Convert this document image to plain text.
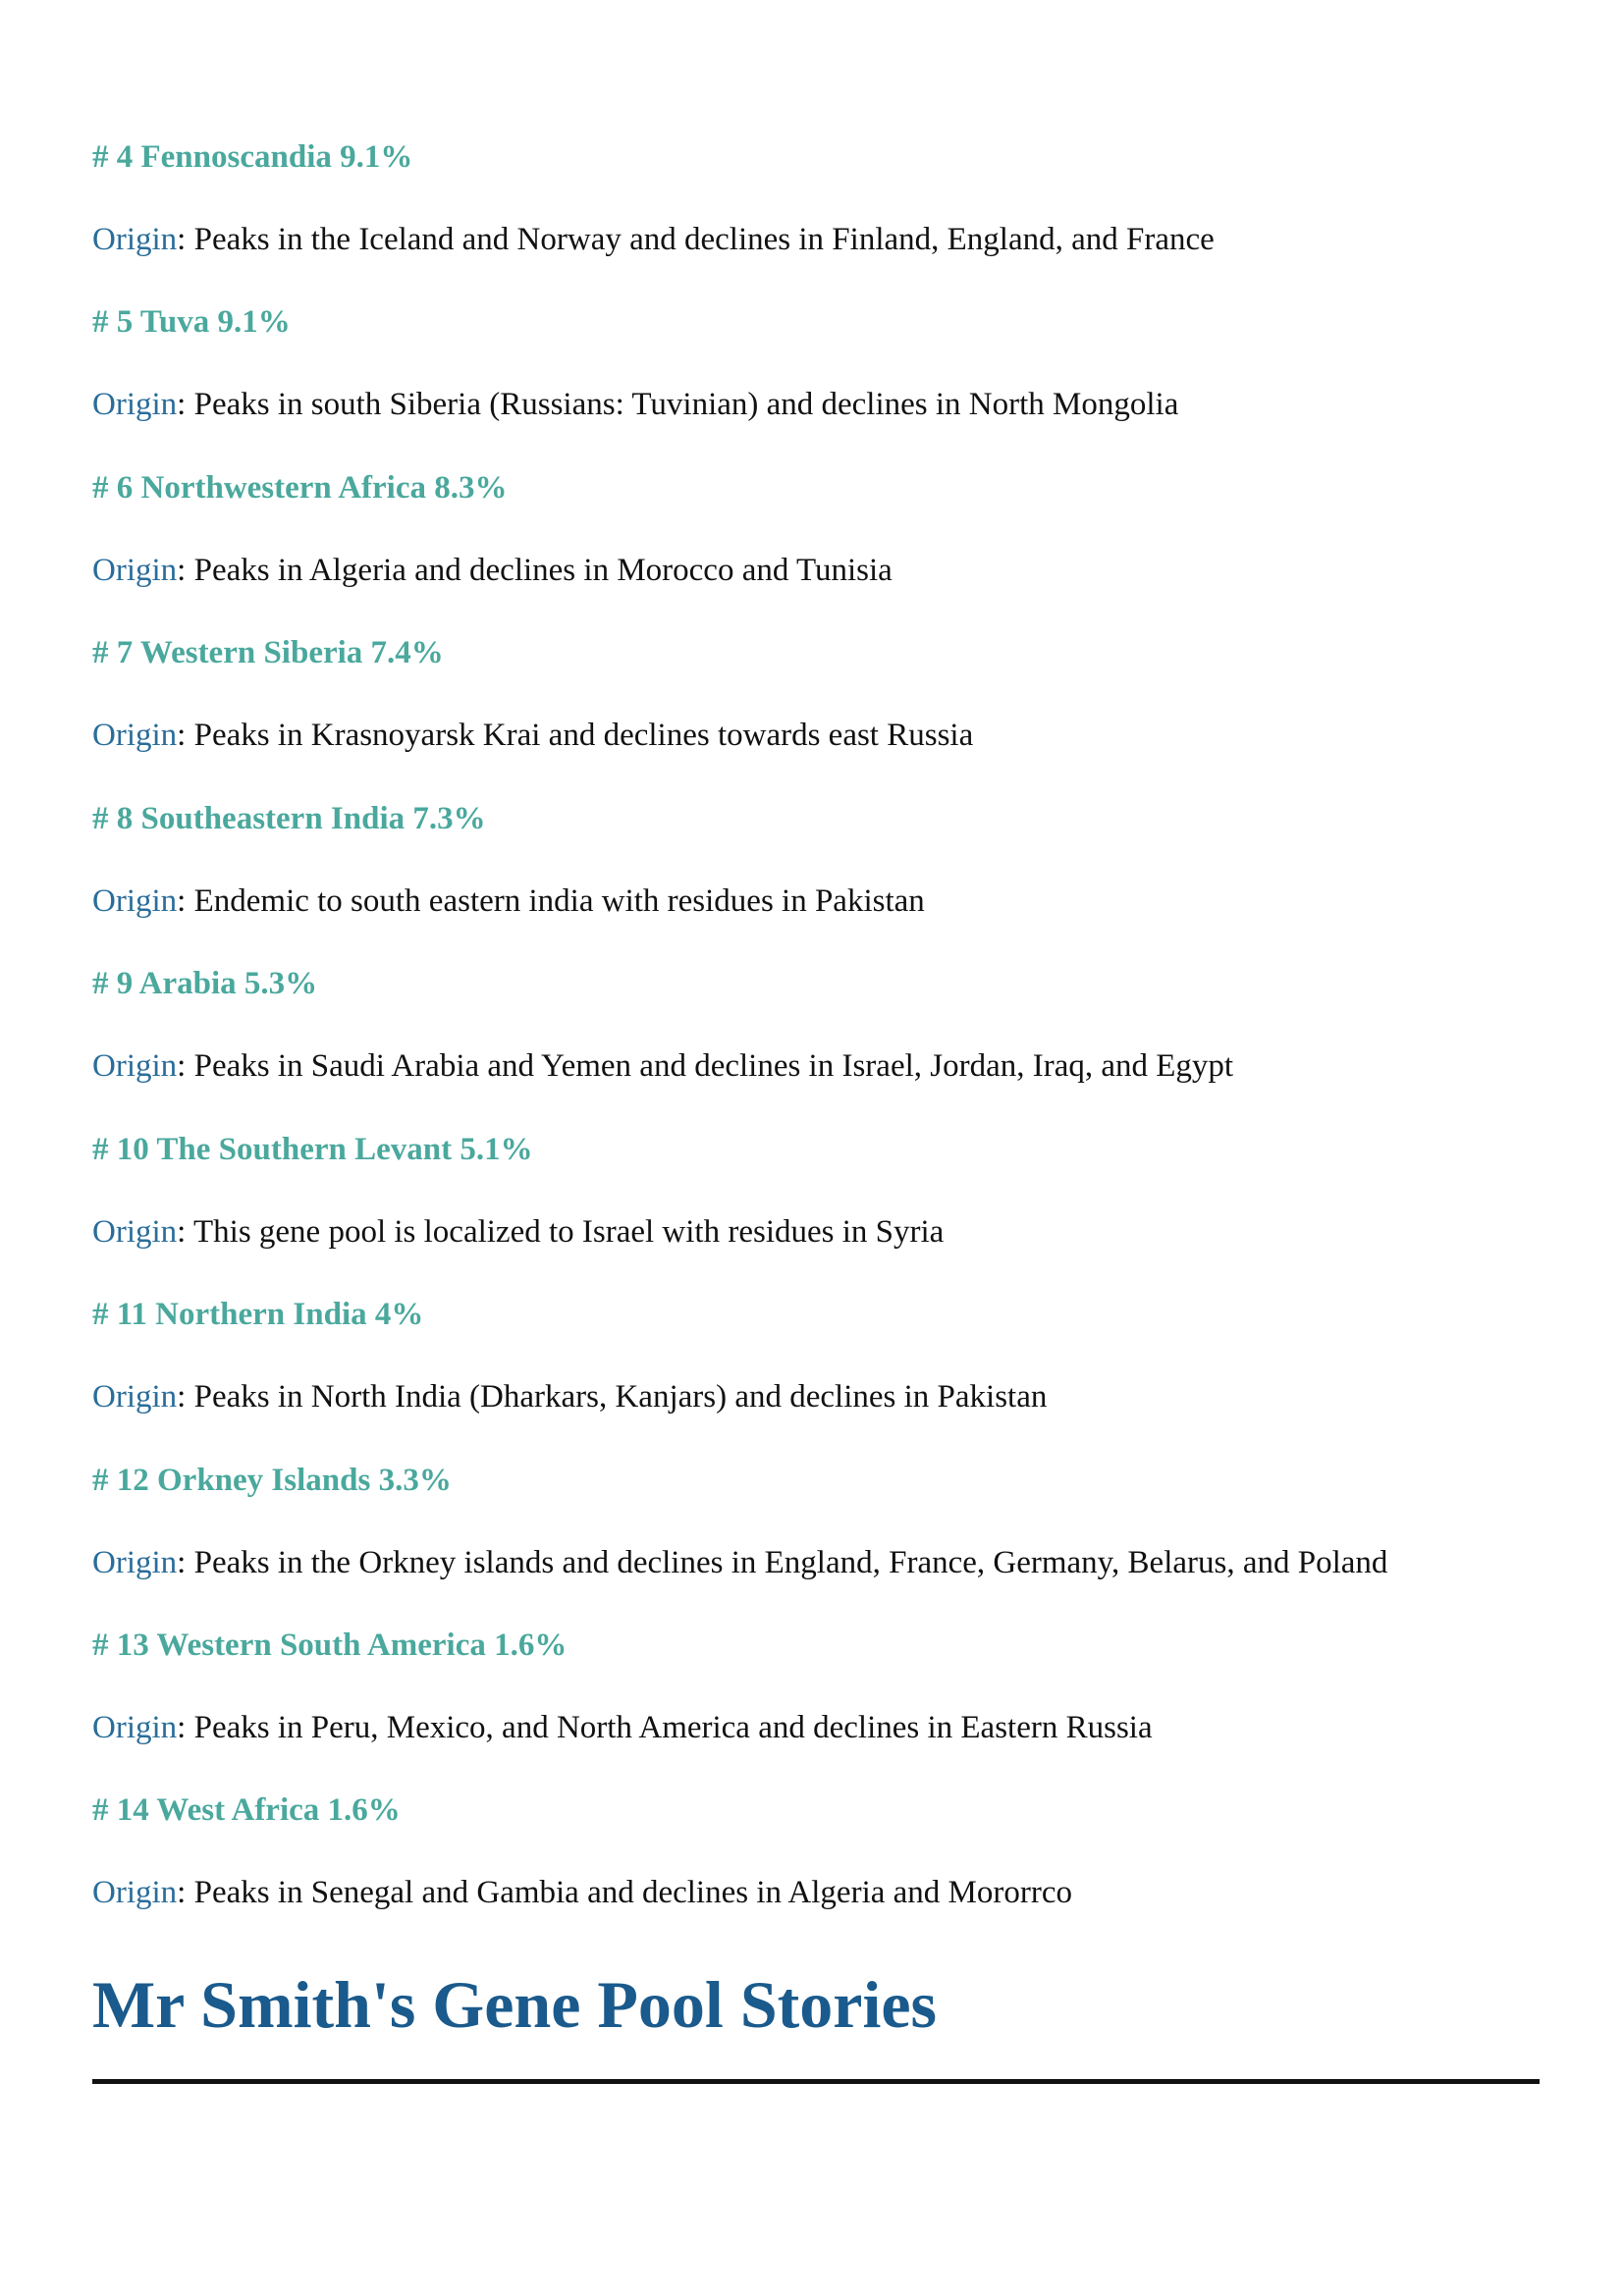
# 4 Fennoscandia 9.1%

Origin: Peaks in the Iceland and Norway and declines in Finland, England, and France

# 5 Tuva 9.1%

Origin: Peaks in south Siberia (Russians: Tuvinian) and declines in North Mongolia

# 6 Northwestern Africa 8.3%

Origin: Peaks in Algeria and declines in Morocco and Tunisia

# 7 Western Siberia 7.4%

Origin: Peaks in Krasnoyarsk Krai and declines towards east Russia

# 8 Southeastern India 7.3%

Origin: Endemic to south eastern india with residues in Pakistan

# 9 Arabia 5.3%

Origin: Peaks in Saudi Arabia and Yemen and declines in Israel, Jordan, Iraq, and Egypt

# 10 The Southern Levant 5.1%

Origin: This gene pool is localized to Israel with residues in Syria

# 11 Northern India 4%

Origin: Peaks in North India (Dharkars, Kanjars) and declines in Pakistan

# 12 Orkney Islands 3.3%

Origin: Peaks in the Orkney islands and declines in England, France, Germany, Belarus, and Poland

# 13 Western South America 1.6%

Origin: Peaks in Peru, Mexico, and North America and declines in Eastern Russia

# 14 West Africa 1.6%

Origin: Peaks in Senegal and Gambia and declines in Algeria and Mororrco

Mr Smith's Gene Pool Stories
